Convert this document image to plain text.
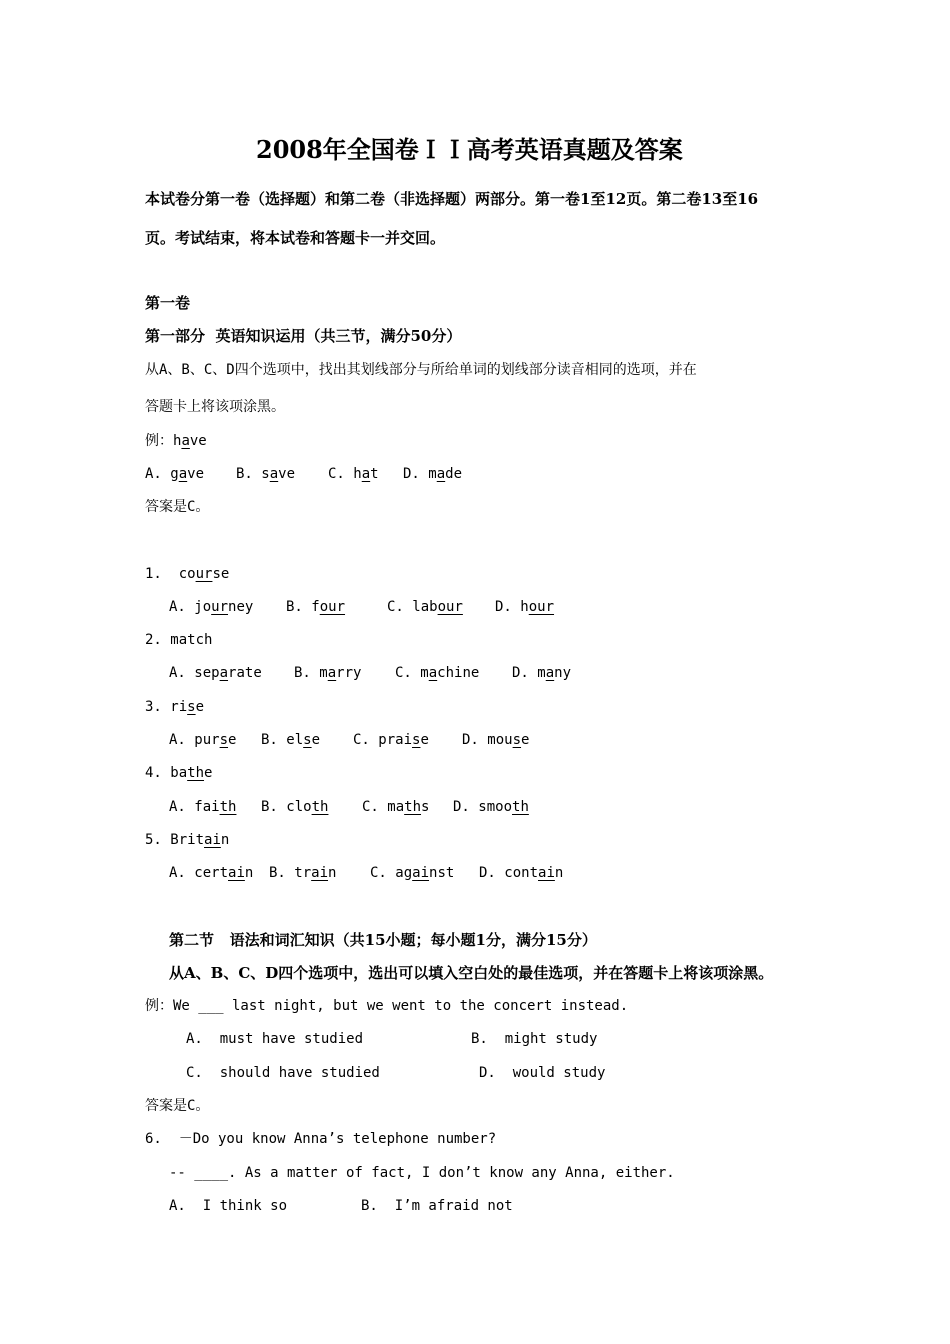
2008年全国卷ＩＩ高考英语真题及答案
本试卷分第一卷（选择题）和第二卷（非选择题）两部分。第一卷1至12页。第二卷13至16
页。考试结束，将本试卷和答题卡一并交回。
第一卷
第一部分  英语知识运用（共三节，满分50分）
从A、B、C、D四个选项中，找出其划线部分与所给单词的划线部分读音相同的选项，并在
答题卡上将该项涂黑。
例：have
A. gave B. save C. hat D. made
答案是C。
1. course
A. journey B. four	C. labour D. hour
2. match
A. separate B. marry C. machine D. many
3. rise
A. purse B. else C. praise D. mouse
4. bathe
A. faith B. cloth C. maths D. smooth
5. Britain
A. certain B. train C. against D. contain
第二节   语法和词汇知识（共15小题；每小题1分，满分15分）
从A、B、C、D四个选项中，选出可以填入空白处的最佳选项，并在答题卡上将该项涂黑。
例：We ___ last night, but we went to the concert instead.
A.  must have studied	B.  might study
C.  should have studied	D.  would study
答案是C。
6.  －Do you know Anna’s telephone number?
-- ____. As a matter of fact, I don’t know any Anna, either.
A.  I think so	B.  I’m afraid not
